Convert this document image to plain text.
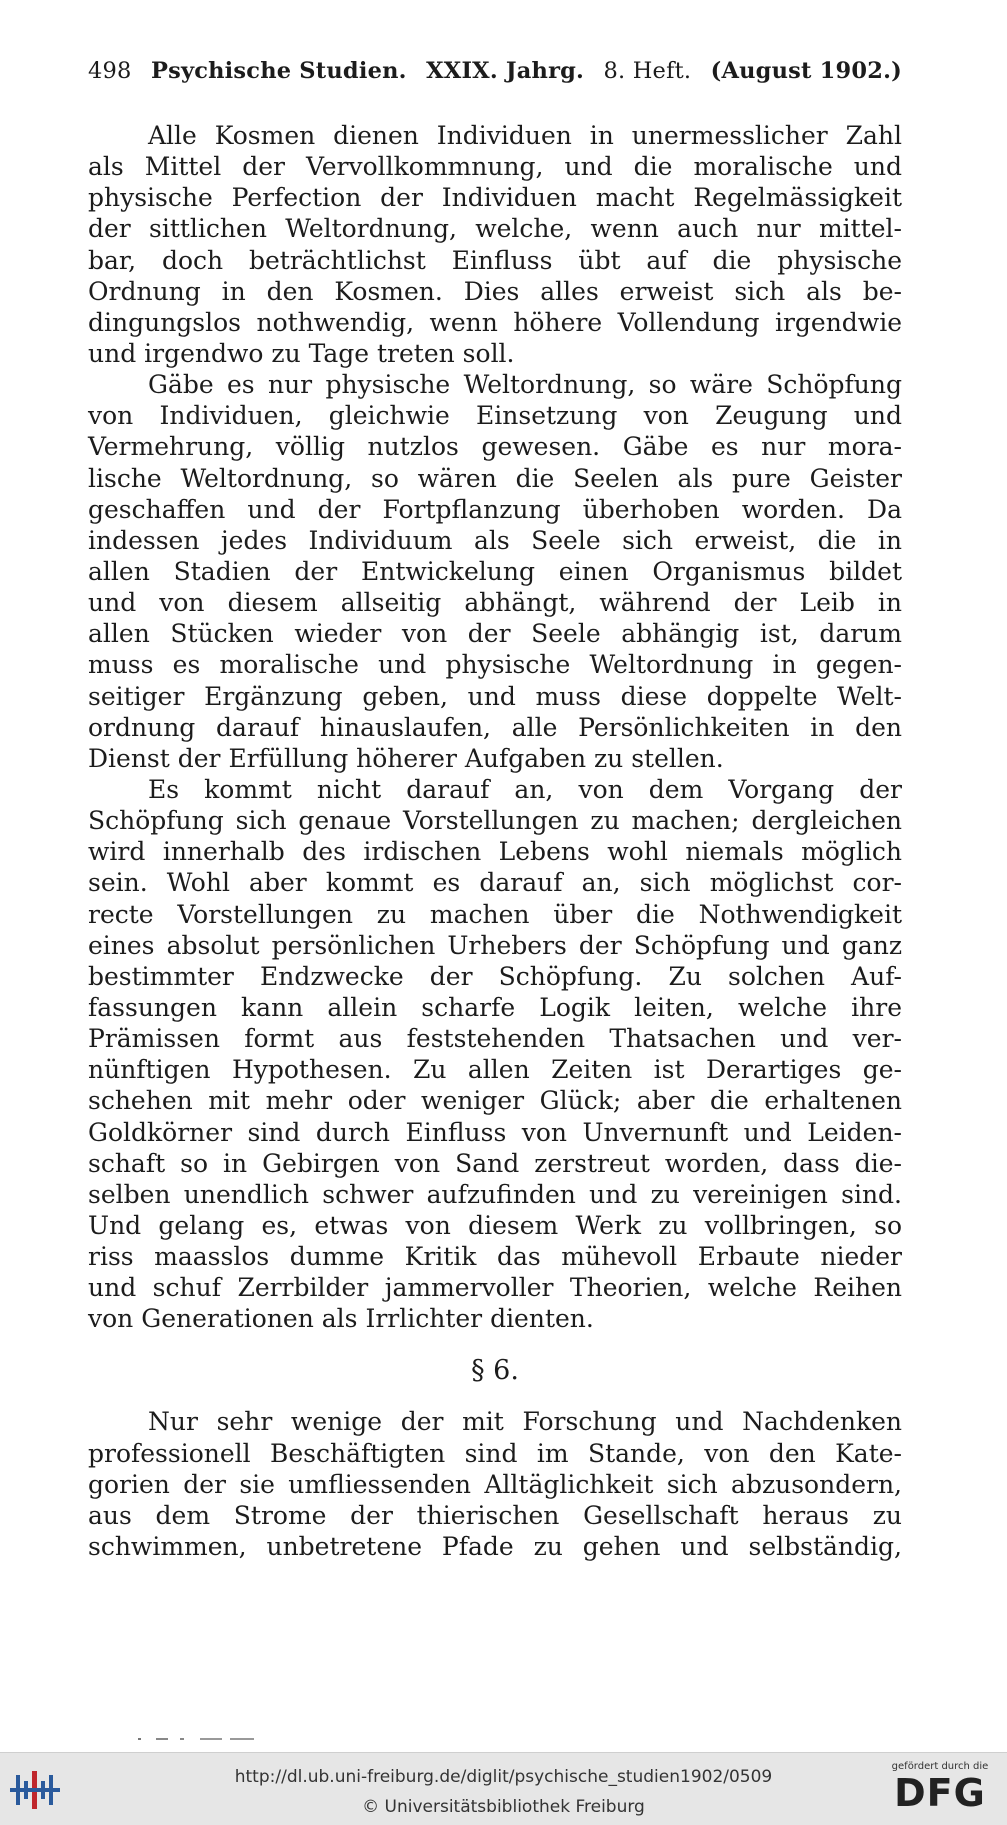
498 Psychische Studien. XXIX. Jahrg. 8. Heft. (August 1902.)
Alle Kosmen dienen Individuen in unermesslicher Zahl
als Mittel der Vervollkommnung, und die moralische und
physische Perfection der Individuen macht Regelmässigkeit
der sittlichen Weltordnung, welche, wenn auch nur mittel-
bar, doch beträchtlichst Einfluss übt auf die physische
Ordnung in den Kosmen. Dies alles erweist sich als be-
dingungslos nothwendig, wenn höhere Vollendung irgendwie
und irgendwo zu Tage treten soll.
Gäbe es nur physische Weltordnung, so wäre Schöpfung
von Individuen, gleichwie Einsetzung von Zeugung und
Vermehrung, völlig nutzlos gewesen. Gäbe es nur mora-
lische Weltordnung, so wären die Seelen als pure Geister
geschaffen und der Fortpflanzung überhoben worden. Da
indessen jedes Individuum als Seele sich erweist, die in
allen Stadien der Entwickelung einen Organismus bildet
und von diesem allseitig abhängt, während der Leib in
allen Stücken wieder von der Seele abhängig ist, darum
muss es moralische und physische Weltordnung in gegen-
seitiger Ergänzung geben, und muss diese doppelte Welt-
ordnung darauf hinauslaufen, alle Persönlichkeiten in den
Dienst der Erfüllung höherer Aufgaben zu stellen.
Es kommt nicht darauf an, von dem Vorgang der
Schöpfung sich genaue Vorstellungen zu machen; dergleichen
wird innerhalb des irdischen Lebens wohl niemals möglich
sein. Wohl aber kommt es darauf an, sich möglichst cor-
recte Vorstellungen zu machen über die Nothwendigkeit
eines absolut persönlichen Urhebers der Schöpfung und ganz
bestimmter Endzwecke der Schöpfung. Zu solchen Auf-
fassungen kann allein scharfe Logik leiten, welche ihre
Prämissen formt aus feststehenden Thatsachen und ver-
nünftigen Hypothesen. Zu allen Zeiten ist Derartiges ge-
schehen mit mehr oder weniger Glück; aber die erhaltenen
Goldkörner sind durch Einfluss von Unvernunft und Leiden-
schaft so in Gebirgen von Sand zerstreut worden, dass die-
selben unendlich schwer aufzufinden und zu vereinigen sind.
Und gelang es, etwas von diesem Werk zu vollbringen, so
riss maasslos dumme Kritik das mühevoll Erbaute nieder
und schuf Zerrbilder jammervoller Theorien, welche Reihen
von Generationen als Irrlichter dienten.
§ 6.
Nur sehr wenige der mit Forschung und Nachdenken
professionell Beschäftigten sind im Stande, von den Kate-
gorien der sie umfliessenden Alltäglichkeit sich abzusondern,
aus dem Strome der thierischen Gesellschaft heraus zu
schwimmen, unbetretene Pfade zu gehen und selbständig,
http://dl.ub.uni-freiburg.de/diglit/psychische_studien1902/0509
© Universitätsbibliothek Freiburg
gefördert durch die
DFG
